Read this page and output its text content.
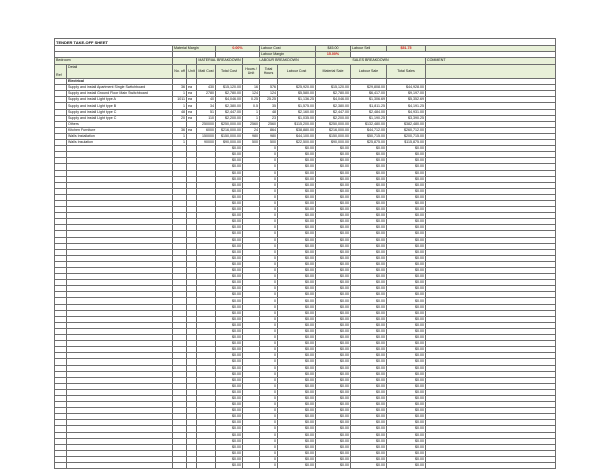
TENDER TAKE-OFF SHEET												
		Material Margin			0.00%		Labour Cost		$45.00	Labour Sell	$51.75	
							Labour Margin		15.00%			
Bedroom				MATERIAL BREAKDOWN		LABOUR BREAKDOWN			SALES BREAKDOWN			COMMENT
Ref	Detail	No. off	Unit	Matl Cost	Total Cost	Hours / Unit	Total Hours	Labour Cost	Material Sale	Labour Sale	Total Sales	
	Electrical											
	Supply and install Apartment Single Switchboard	36	ea	430	$15,120.00	16	576	$25,920.00	$15,120.00	$29,808.00	$44,928.00	
	Supply and install Ground Floor Main Switchboard	1	ea	2780	$2,780.00	124	124	$5,580.00	$2,780.00	$6,417.00	$9,197.00	
	Supply and install Light type A	1011	ea	40	$4,046.00	0.25	25.25	$1,136.25	$4,046.00	$1,306.69	$5,352.69	
	Supply and install Light type B	1	ea	34	$2,380.00	0.5	35	$1,575.00	$2,380.00	$1,811.25	$4,191.25	
	Supply and install Light type C	48	ea	51	$2,447.00	1	48	$2,160.00	$2,447.00	$2,484.00	$4,931.00	
	Supply and install Light type C	20	ea	110	$2,200.00	1	23	$1,035.00	$2,200.00	$1,190.25	$3,390.25	
	Others			250000	$250,000.00	2560	2560	$115,200.00	$250,000.00	$132,480.00	$382,480.00	
	Kitchen Furniture	36	ea	6000	$216,000.00	24	864	$38,880.00	$216,000.00	$44,712.00	$260,712.00	
	Walls Installation	1		150000	$150,000.00	980	980	$44,100.00	$150,000.00	$50,715.00	$200,715.00	
	Walls Insulation	1		90000	$90,000.00	500	500	$22,500.00	$90,000.00	$25,875.00	$115,875.00	
					$0.00		0	$0.00	$0.00	$0.00	$0.00	
					$0.00		0	$0.00	$0.00	$0.00	$0.00	
					$0.00		0	$0.00	$0.00	$0.00	$0.00	
					$0.00		0	$0.00	$0.00	$0.00	$0.00	
					$0.00		0	$0.00	$0.00	$0.00	$0.00	
					$0.00		0	$0.00	$0.00	$0.00	$0.00	
					$0.00		0	$0.00	$0.00	$0.00	$0.00	
					$0.00		0	$0.00	$0.00	$0.00	$0.00	
					$0.00		0	$0.00	$0.00	$0.00	$0.00	
					$0.00		0	$0.00	$0.00	$0.00	$0.00	
					$0.00		0	$0.00	$0.00	$0.00	$0.00	
					$0.00		0	$0.00	$0.00	$0.00	$0.00	
					$0.00		0	$0.00	$0.00	$0.00	$0.00	
					$0.00		0	$0.00	$0.00	$0.00	$0.00	
					$0.00		0	$0.00	$0.00	$0.00	$0.00	
					$0.00		0	$0.00	$0.00	$0.00	$0.00	
					$0.00		0	$0.00	$0.00	$0.00	$0.00	
					$0.00		0	$0.00	$0.00	$0.00	$0.00	
					$0.00		0	$0.00	$0.00	$0.00	$0.00	
					$0.00		0	$0.00	$0.00	$0.00	$0.00	
					$0.00		0	$0.00	$0.00	$0.00	$0.00	
					$0.00		0	$0.00	$0.00	$0.00	$0.00	
					$0.00		0	$0.00	$0.00	$0.00	$0.00	
					$0.00		0	$0.00	$0.00	$0.00	$0.00	
					$0.00		0	$0.00	$0.00	$0.00	$0.00	
					$0.00		0	$0.00	$0.00	$0.00	$0.00	
					$0.00		0	$0.00	$0.00	$0.00	$0.00	
					$0.00		0	$0.00	$0.00	$0.00	$0.00	
					$0.00		0	$0.00	$0.00	$0.00	$0.00	
					$0.00		0	$0.00	$0.00	$0.00	$0.00	
					$0.00		0	$0.00	$0.00	$0.00	$0.00	
					$0.00		0	$0.00	$0.00	$0.00	$0.00	
					$0.00		0	$0.00	$0.00	$0.00	$0.00	
					$0.00		0	$0.00	$0.00	$0.00	$0.00	
					$0.00		0	$0.00	$0.00	$0.00	$0.00	
					$0.00		0	$0.00	$0.00	$0.00	$0.00	
					$0.00		0	$0.00	$0.00	$0.00	$0.00	
					$0.00		0	$0.00	$0.00	$0.00	$0.00	
					$0.00		0	$0.00	$0.00	$0.00	$0.00	
					$0.00		0	$0.00	$0.00	$0.00	$0.00	
					$0.00		0	$0.00	$0.00	$0.00	$0.00	
					$0.00		0	$0.00	$0.00	$0.00	$0.00	
					$0.00		0	$0.00	$0.00	$0.00	$0.00	
					$0.00		0	$0.00	$0.00	$0.00	$0.00	
					$0.00		0	$0.00	$0.00	$0.00	$0.00	
					$0.00		0	$0.00	$0.00	$0.00	$0.00	
					$0.00		0	$0.00	$0.00	$0.00	$0.00	
					$0.00		0	$0.00	$0.00	$0.00	$0.00	
					$0.00		0	$0.00	$0.00	$0.00	$0.00	
					$0.00		0	$0.00	$0.00	$0.00	$0.00	
					$0.00		0	$0.00	$0.00	$0.00	$0.00	
					$0.00		0	$0.00	$0.00	$0.00	$0.00	
					$0.00		0	$0.00	$0.00	$0.00	$0.00	
